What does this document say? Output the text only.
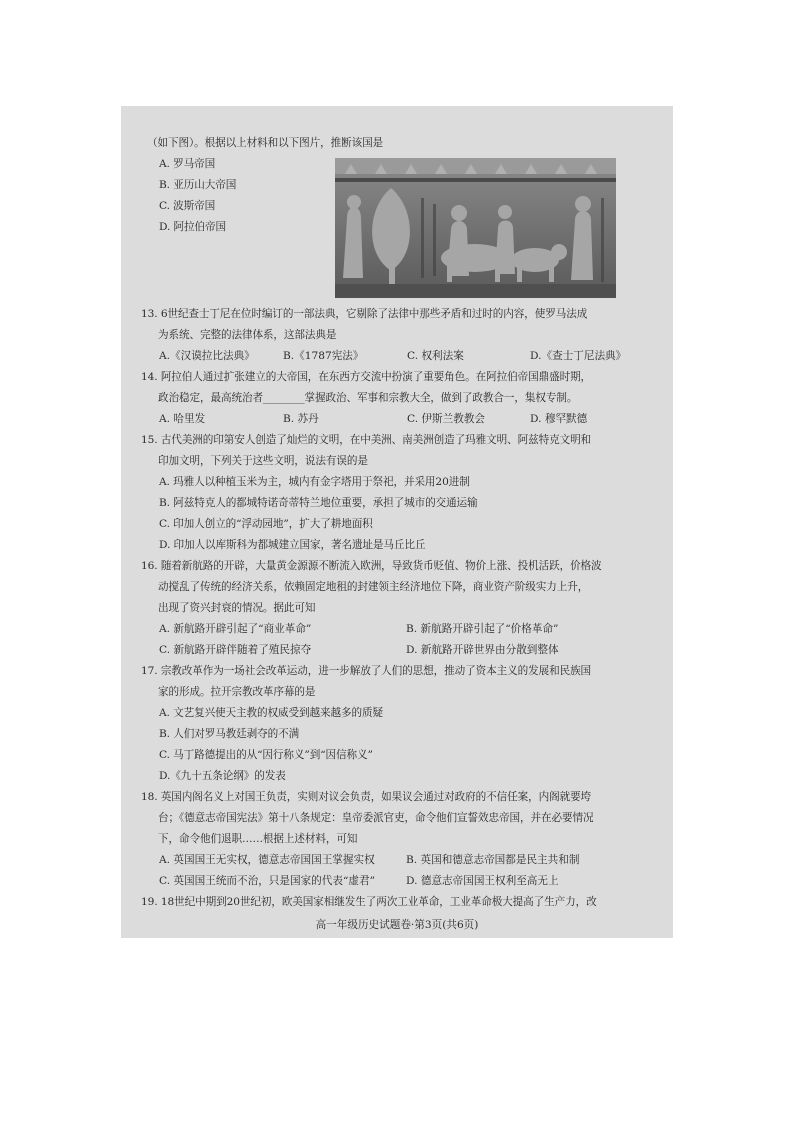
（如下图）。根据以上材料和以下图片，推断该国是
A. 罗马帝国
B. 亚历山大帝国
C. 波斯帝国
D. 阿拉伯帝国
13. 6世纪查士丁尼在位时编订的一部法典，它剔除了法律中那些矛盾和过时的内容，使罗马法成
为系统、完整的法律体系，这部法典是
A.《汉谟拉比法典》	B.《1787宪法》	C. 权利法案	D.《查士丁尼法典》
14. 阿拉伯人通过扩张建立的大帝国，在东西方交流中扮演了重要角色。在阿拉伯帝国鼎盛时期，
政治稳定，最高统治者________掌握政治、军事和宗教大全，做到了政教合一，集权专制。
A. 哈里发	B. 苏丹	C. 伊斯兰教教会	D. 穆罕默德
15. 古代美洲的印第安人创造了灿烂的文明，在中美洲、南美洲创造了玛雅文明、阿兹特克文明和
印加文明，下列关于这些文明，说法有误的是
A. 玛雅人以种植玉米为主，城内有金字塔用于祭祀，并采用20进制
B. 阿兹特克人的都城特诺奇蒂特兰地位重要，承担了城市的交通运输
C. 印加人创立的“浮动园地”，扩大了耕地面积
D. 印加人以库斯科为都城建立国家，著名遗址是马丘比丘
16. 随着新航路的开辟，大量黄金源源不断流入欧洲，导致货币贬值、物价上涨、投机活跃，价格波
动搅乱了传统的经济关系，依赖固定地租的封建领主经济地位下降，商业资产阶级实力上升，
出现了资兴封衰的情况。据此可知
A. 新航路开辟引起了“商业革命”	B. 新航路开辟引起了“价格革命”
C. 新航路开辟伴随着了殖民掠夺	D. 新航路开辟世界由分散到整体
17. 宗教改革作为一场社会改革运动，进一步解放了人们的思想，推动了资本主义的发展和民族国
家的形成。拉开宗教改革序幕的是
A. 文艺复兴使天主教的权威受到越来越多的质疑
B. 人们对罗马教廷剥夺的不满
C. 马丁路德提出的从“因行称义”到“因信称义”
D.《九十五条论纲》的发表
18. 英国内阁名义上对国王负责，实则对议会负责，如果议会通过对政府的不信任案，内阁就要垮
台；《德意志帝国宪法》第十八条规定：皇帝委派官吏，命令他们宣誓效忠帝国，并在必要情况
下，命令他们退职……根据上述材料，可知
A. 英国国王无实权，德意志帝国国王掌握实权	B. 英国和德意志帝国都是民主共和制
C. 英国国王统而不治，只是国家的代表“虚君”	D. 德意志帝国国王权利至高无上
19. 18世纪中期到20世纪初，欧美国家相继发生了两次工业革命，工业革命极大提高了生产力，改
高一年级历史试题卷·第3页(共6页)
